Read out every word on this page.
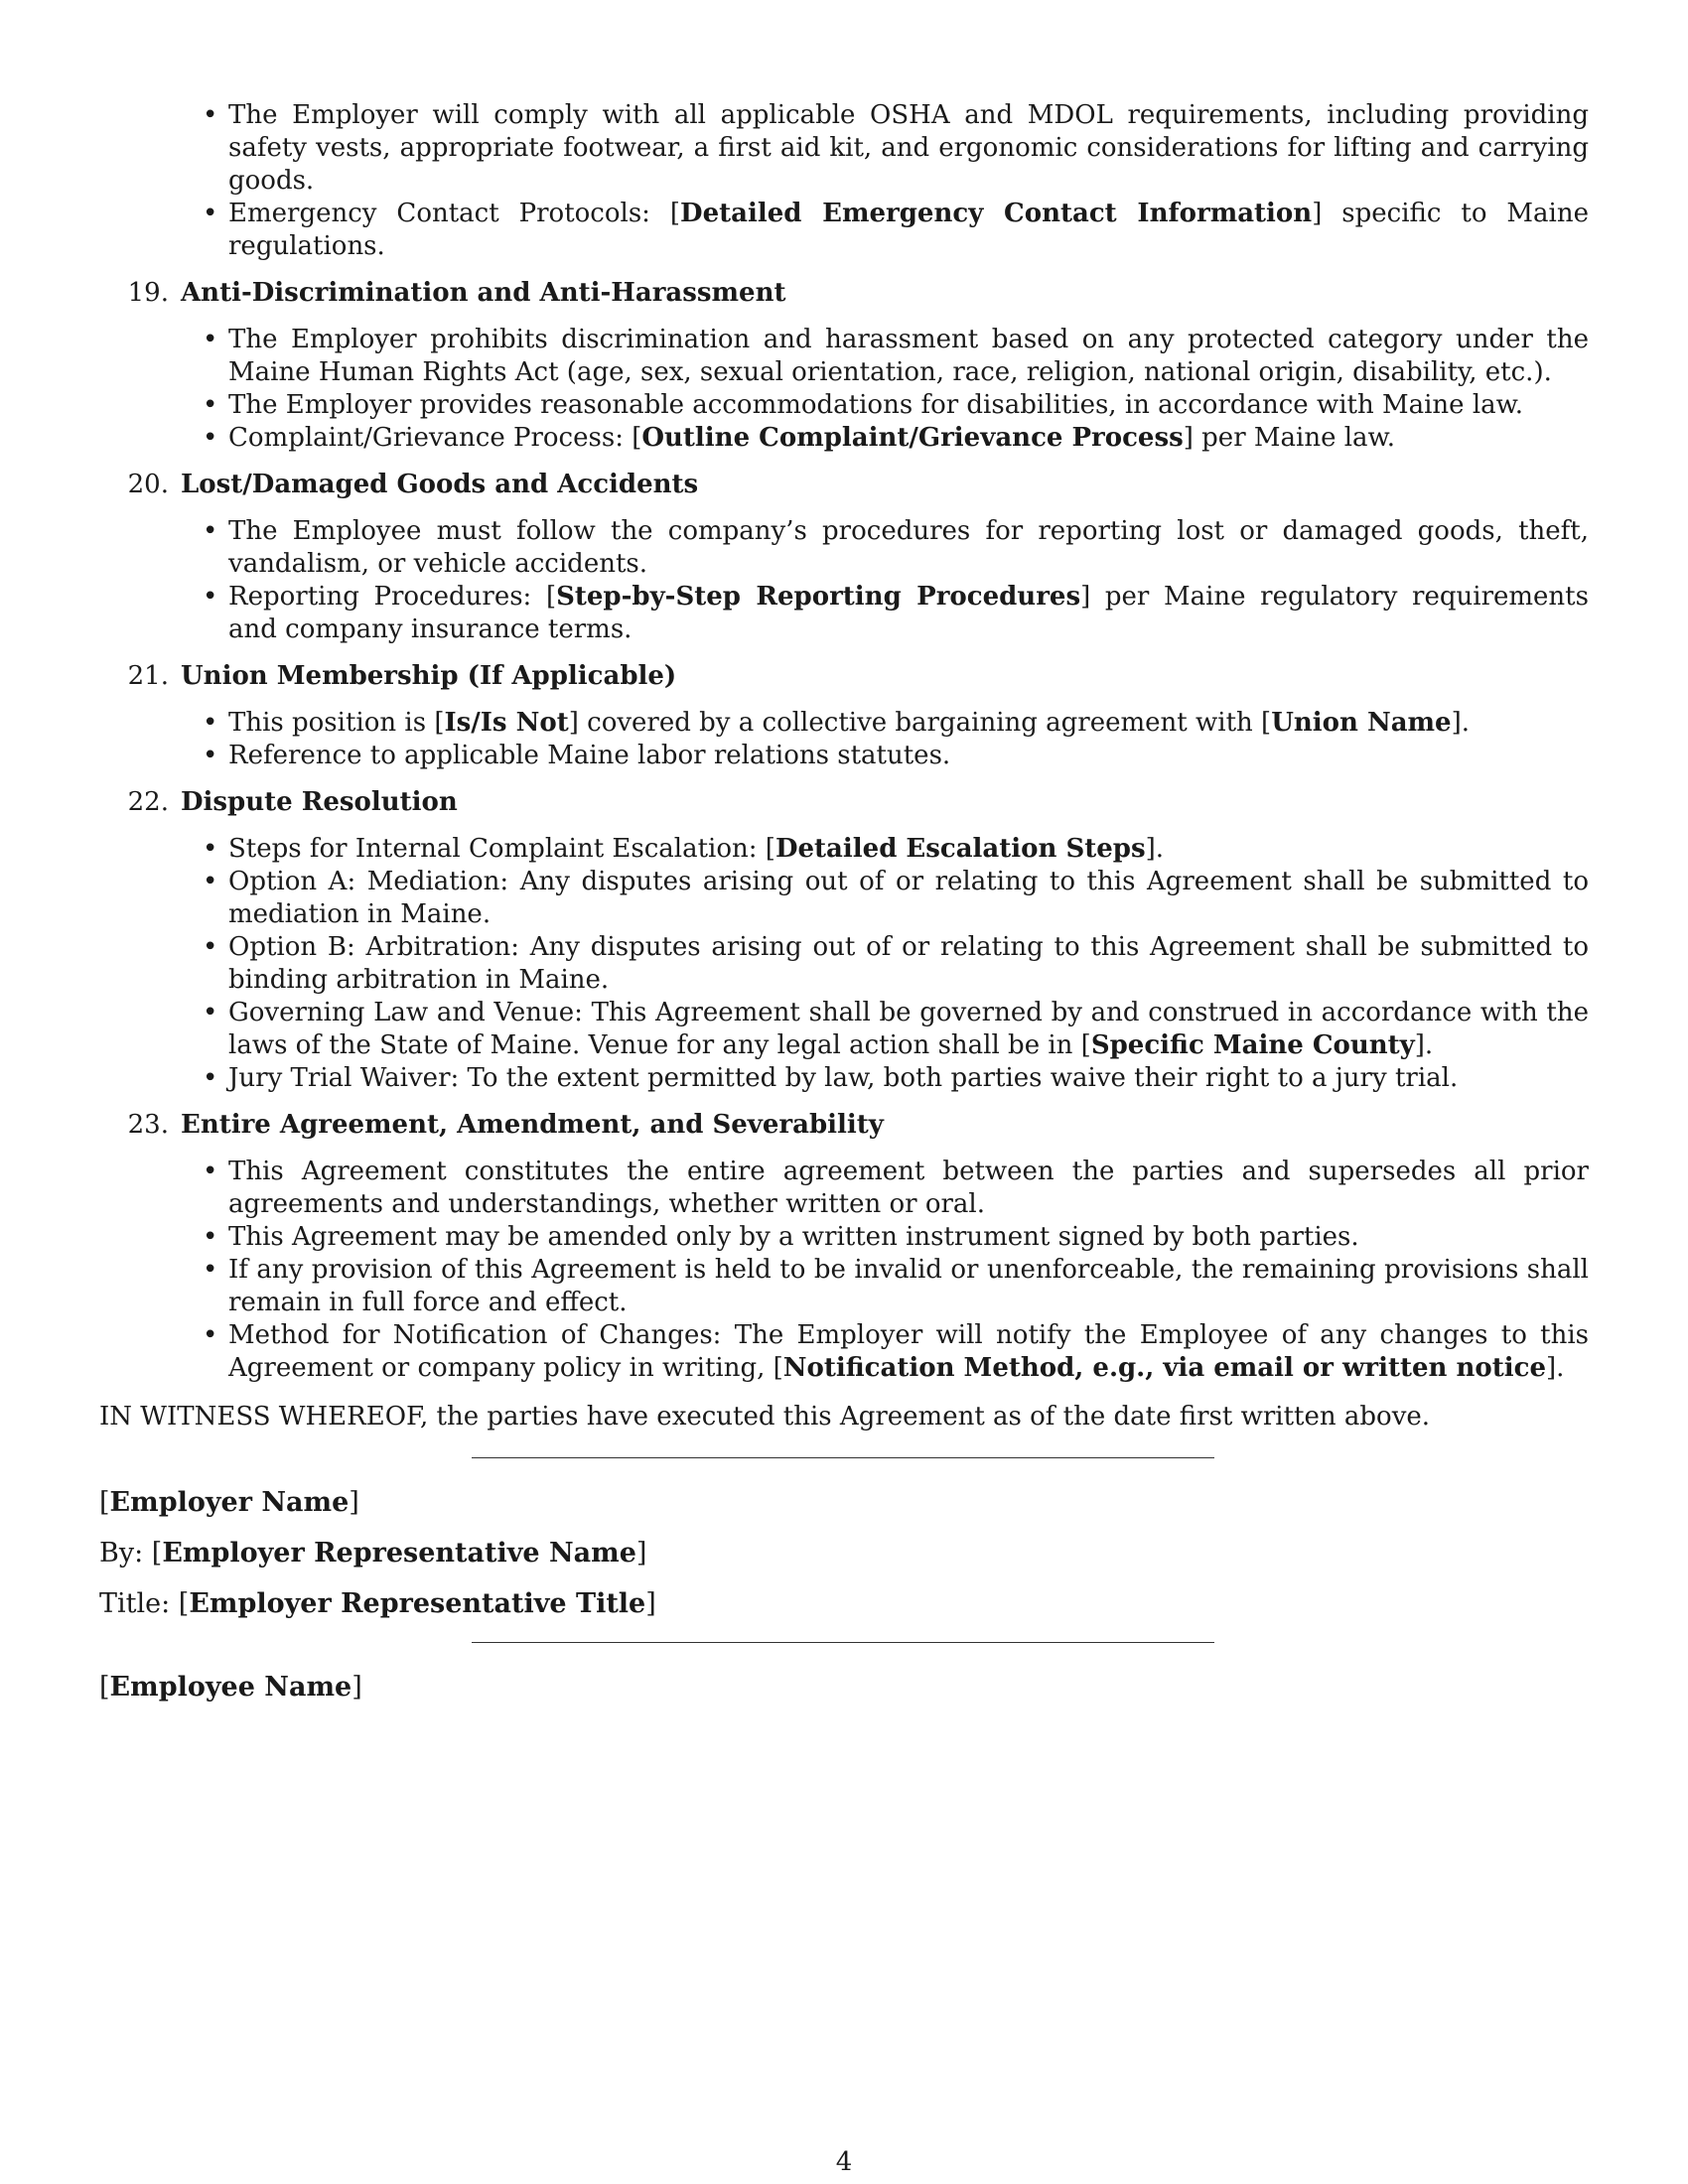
• The Employer will comply with all applicable OSHA and MDOL requirements, including providing safety vests, appropriate footwear, a first aid kit, and ergonomic considerations for lifting and carrying goods.
• Emergency Contact Protocols: [Detailed Emergency Contact Information] specific to Maine regulations.
19. Anti-Discrimination and Anti-Harassment
• The Employer prohibits discrimination and harassment based on any protected category under the Maine Human Rights Act (age, sex, sexual orientation, race, religion, national origin, disability, etc.).
• The Employer provides reasonable accommodations for disabilities, in accordance with Maine law.
• Complaint/Grievance Process: [Outline Complaint/Grievance Process] per Maine law.
20. Lost/Damaged Goods and Accidents
• The Employee must follow the company’s procedures for reporting lost or damaged goods, theft, vandalism, or vehicle accidents.
• Reporting Procedures: [Step-by-Step Reporting Procedures] per Maine regulatory requirements and company insurance terms.
21. Union Membership (If Applicable)
• This position is [Is/Is Not] covered by a collective bargaining agreement with [Union Name].
• Reference to applicable Maine labor relations statutes.
22. Dispute Resolution
• Steps for Internal Complaint Escalation: [Detailed Escalation Steps].
• Option A: Mediation: Any disputes arising out of or relating to this Agreement shall be submitted to mediation in Maine.
• Option B: Arbitration: Any disputes arising out of or relating to this Agreement shall be submitted to binding arbitration in Maine.
• Governing Law and Venue: This Agreement shall be governed by and construed in accordance with the laws of the State of Maine. Venue for any legal action shall be in [Specific Maine County].
• Jury Trial Waiver: To the extent permitted by law, both parties waive their right to a jury trial.
23. Entire Agreement, Amendment, and Severability
• This Agreement constitutes the entire agreement between the parties and supersedes all prior agreements and understandings, whether written or oral.
• This Agreement may be amended only by a written instrument signed by both parties.
• If any provision of this Agreement is held to be invalid or unenforceable, the remaining provisions shall remain in full force and effect.
• Method for Notification of Changes: The Employer will notify the Employee of any changes to this Agreement or company policy in writing, [Notification Method, e.g., via email or written notice].
IN WITNESS WHEREOF, the parties have executed this Agreement as of the date first written above.
[Employer Name]
By: [Employer Representative Name]
Title: [Employer Representative Title]
[Employee Name]
4
